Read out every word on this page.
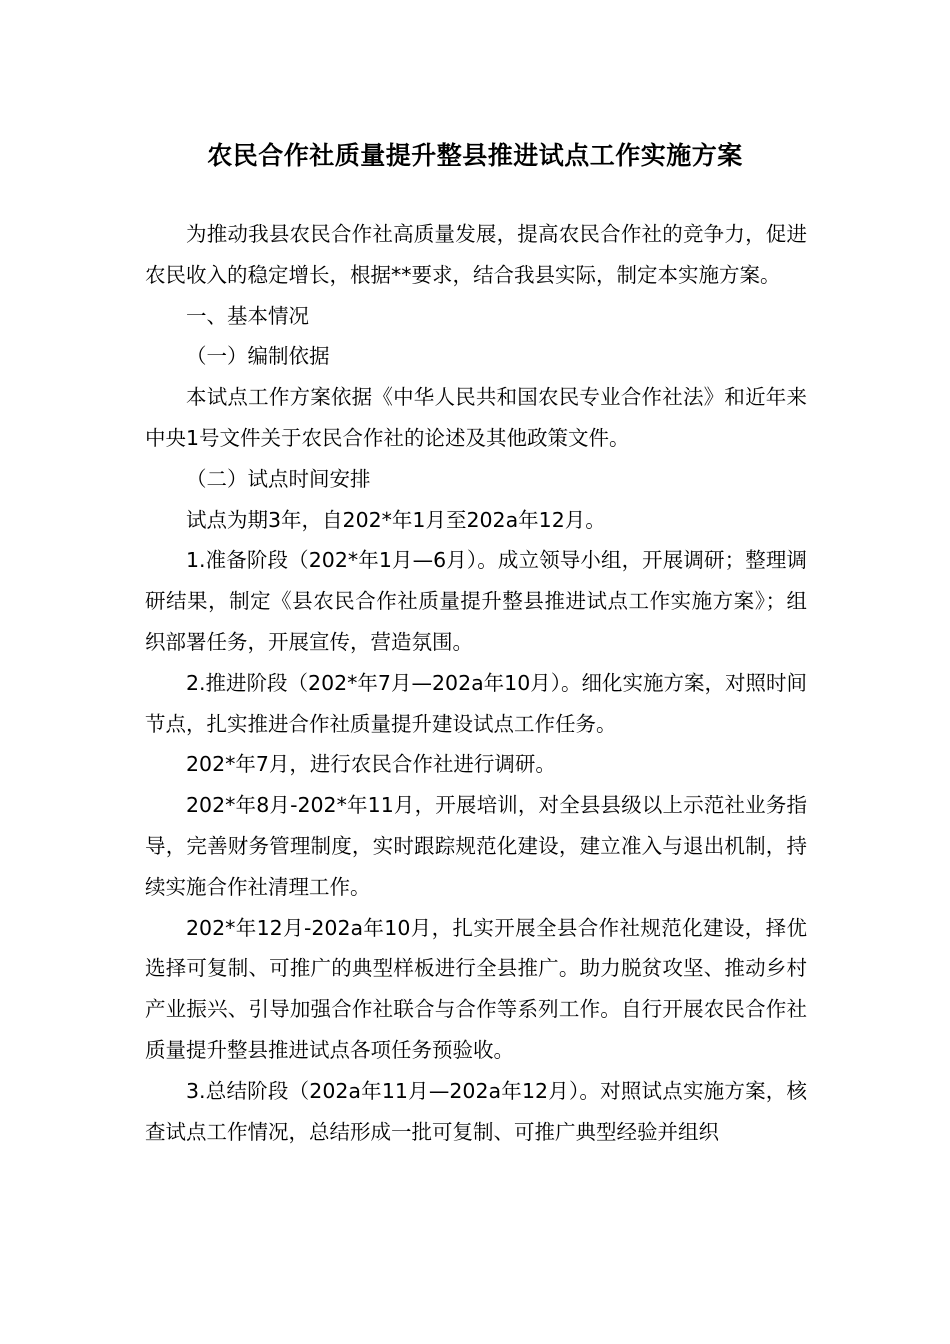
农民合作社质量提升整县推进试点工作实施方案

为推动我县农民合作社高质量发展，提高农民合作社的竞争力，促进农民收入的稳定增长，根据**要求，结合我县实际，制定本实施方案。

一、基本情况

（一）编制依据

本试点工作方案依据《中华人民共和国农民专业合作社法》和近年来中央1号文件关于农民合作社的论述及其他政策文件。

（二）试点时间安排

试点为期3年，自202*年1月至202a年12月。

1.准备阶段（202*年1月—6月）。成立领导小组，开展调研；整理调研结果，制定《县农民合作社质量提升整县推进试点工作实施方案》；组织部署任务，开展宣传，营造氛围。

2.推进阶段（202*年7月—202a年10月）。细化实施方案，对照时间节点，扎实推进合作社质量提升建设试点工作任务。

202*年7月，进行农民合作社进行调研。

202*年8月-202*年11月，开展培训，对全县县级以上示范社业务指导，完善财务管理制度，实时跟踪规范化建设，建立准入与退出机制，持续实施合作社清理工作。

202*年12月-202a年10月，扎实开展全县合作社规范化建设，择优选择可复制、可推广的典型样板进行全县推广。助力脱贫攻坚、推动乡村产业振兴、引导加强合作社联合与合作等系列工作。自行开展农民合作社质量提升整县推进试点各项任务预验收。

3.总结阶段（202a年11月—202a年12月）。对照试点实施方案，核查试点工作情况，总结形成一批可复制、可推广典型经验并组织
